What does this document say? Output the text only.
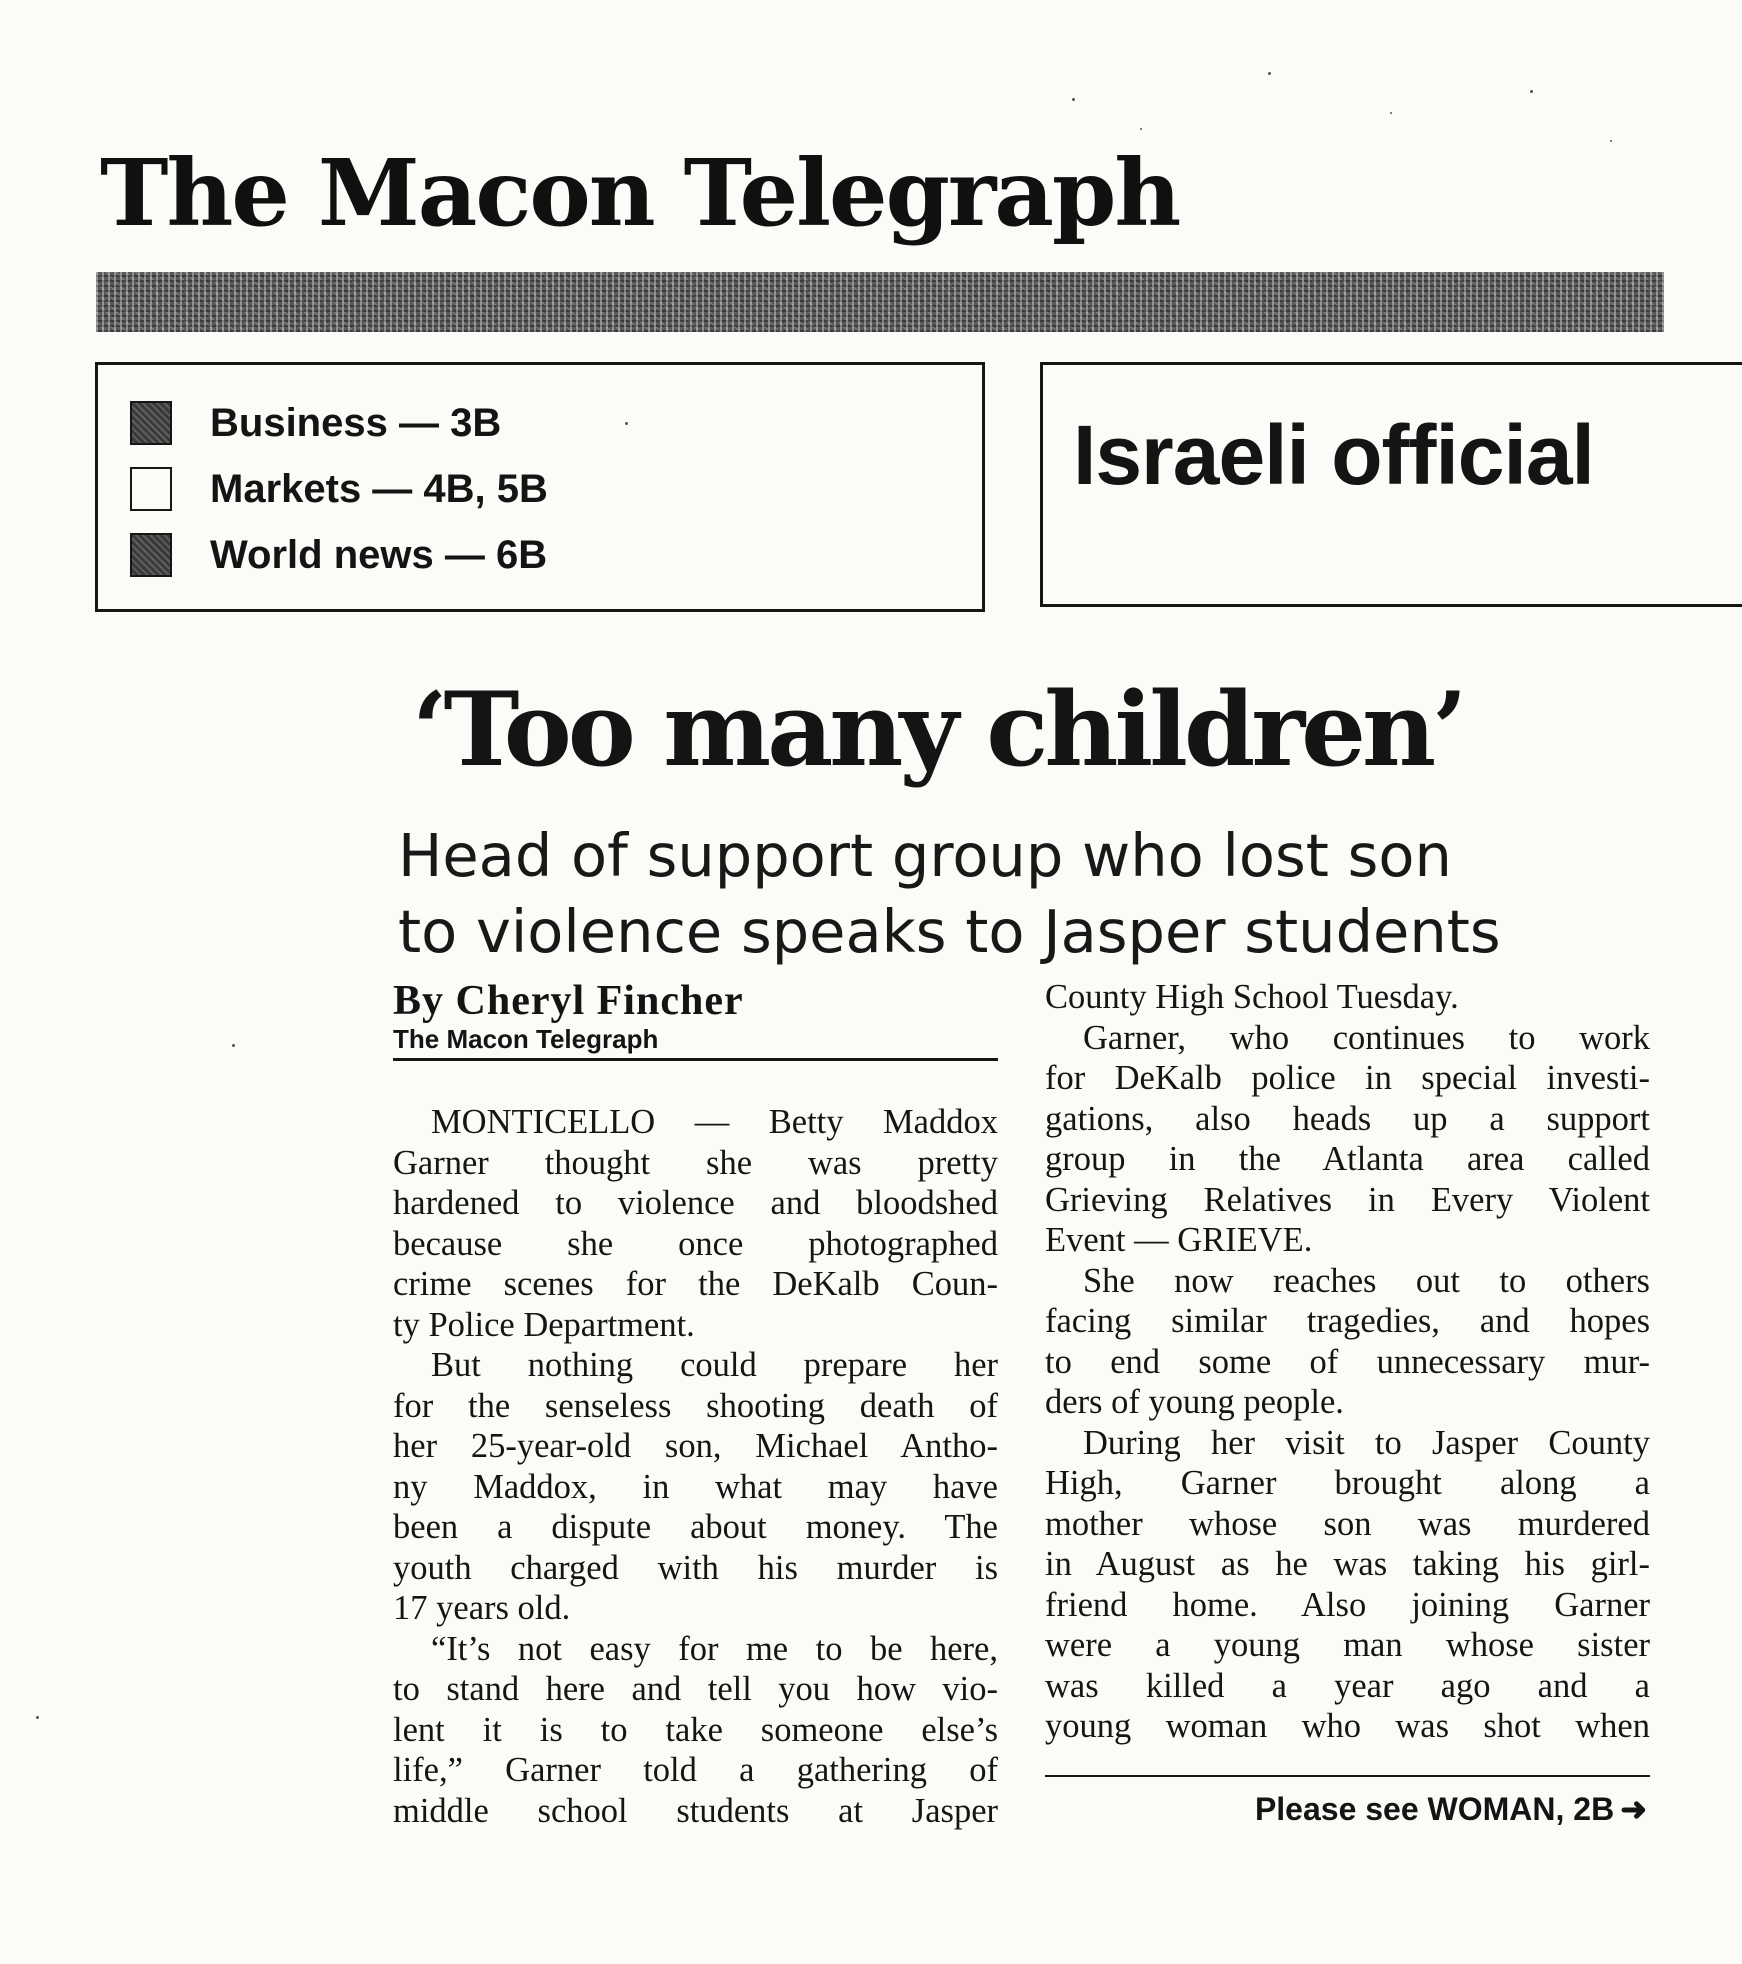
The Macon Telegraph
Business — 3B
Markets — 4B, 5B
World news — 6B
Israeli official
‘Too many children’
Head of support group who lost son
to violence speaks to Jasper students
By Cheryl Fincher
The Macon Telegraph
MONTICELLO — Betty Maddox
Garner thought she was pretty
hardened to violence and bloodshed
because she once photographed
crime scenes for the DeKalb Coun-
ty Police Department.
But nothing could prepare her
for the senseless shooting death of
her 25-year-old son, Michael Antho-
ny Maddox, in what may have
been a dispute about money. The
youth charged with his murder is
17 years old.
“It’s not easy for me to be here,
to stand here and tell you how vio-
lent it is to take someone else’s
life,” Garner told a gathering of
middle school students at Jasper
County High School Tuesday.
Garner, who continues to work
for DeKalb police in special investi-
gations, also heads up a support
group in the Atlanta area called
Grieving Relatives in Every Violent
Event — GRIEVE.
She now reaches out to others
facing similar tragedies, and hopes
to end some of unnecessary mur-
ders of young people.
During her visit to Jasper County
High, Garner brought along a
mother whose son was murdered
in August as he was taking his girl-
friend home. Also joining Garner
were a young man whose sister
was killed a year ago and a
young woman who was shot when
Please see WOMAN, 2B ➜
